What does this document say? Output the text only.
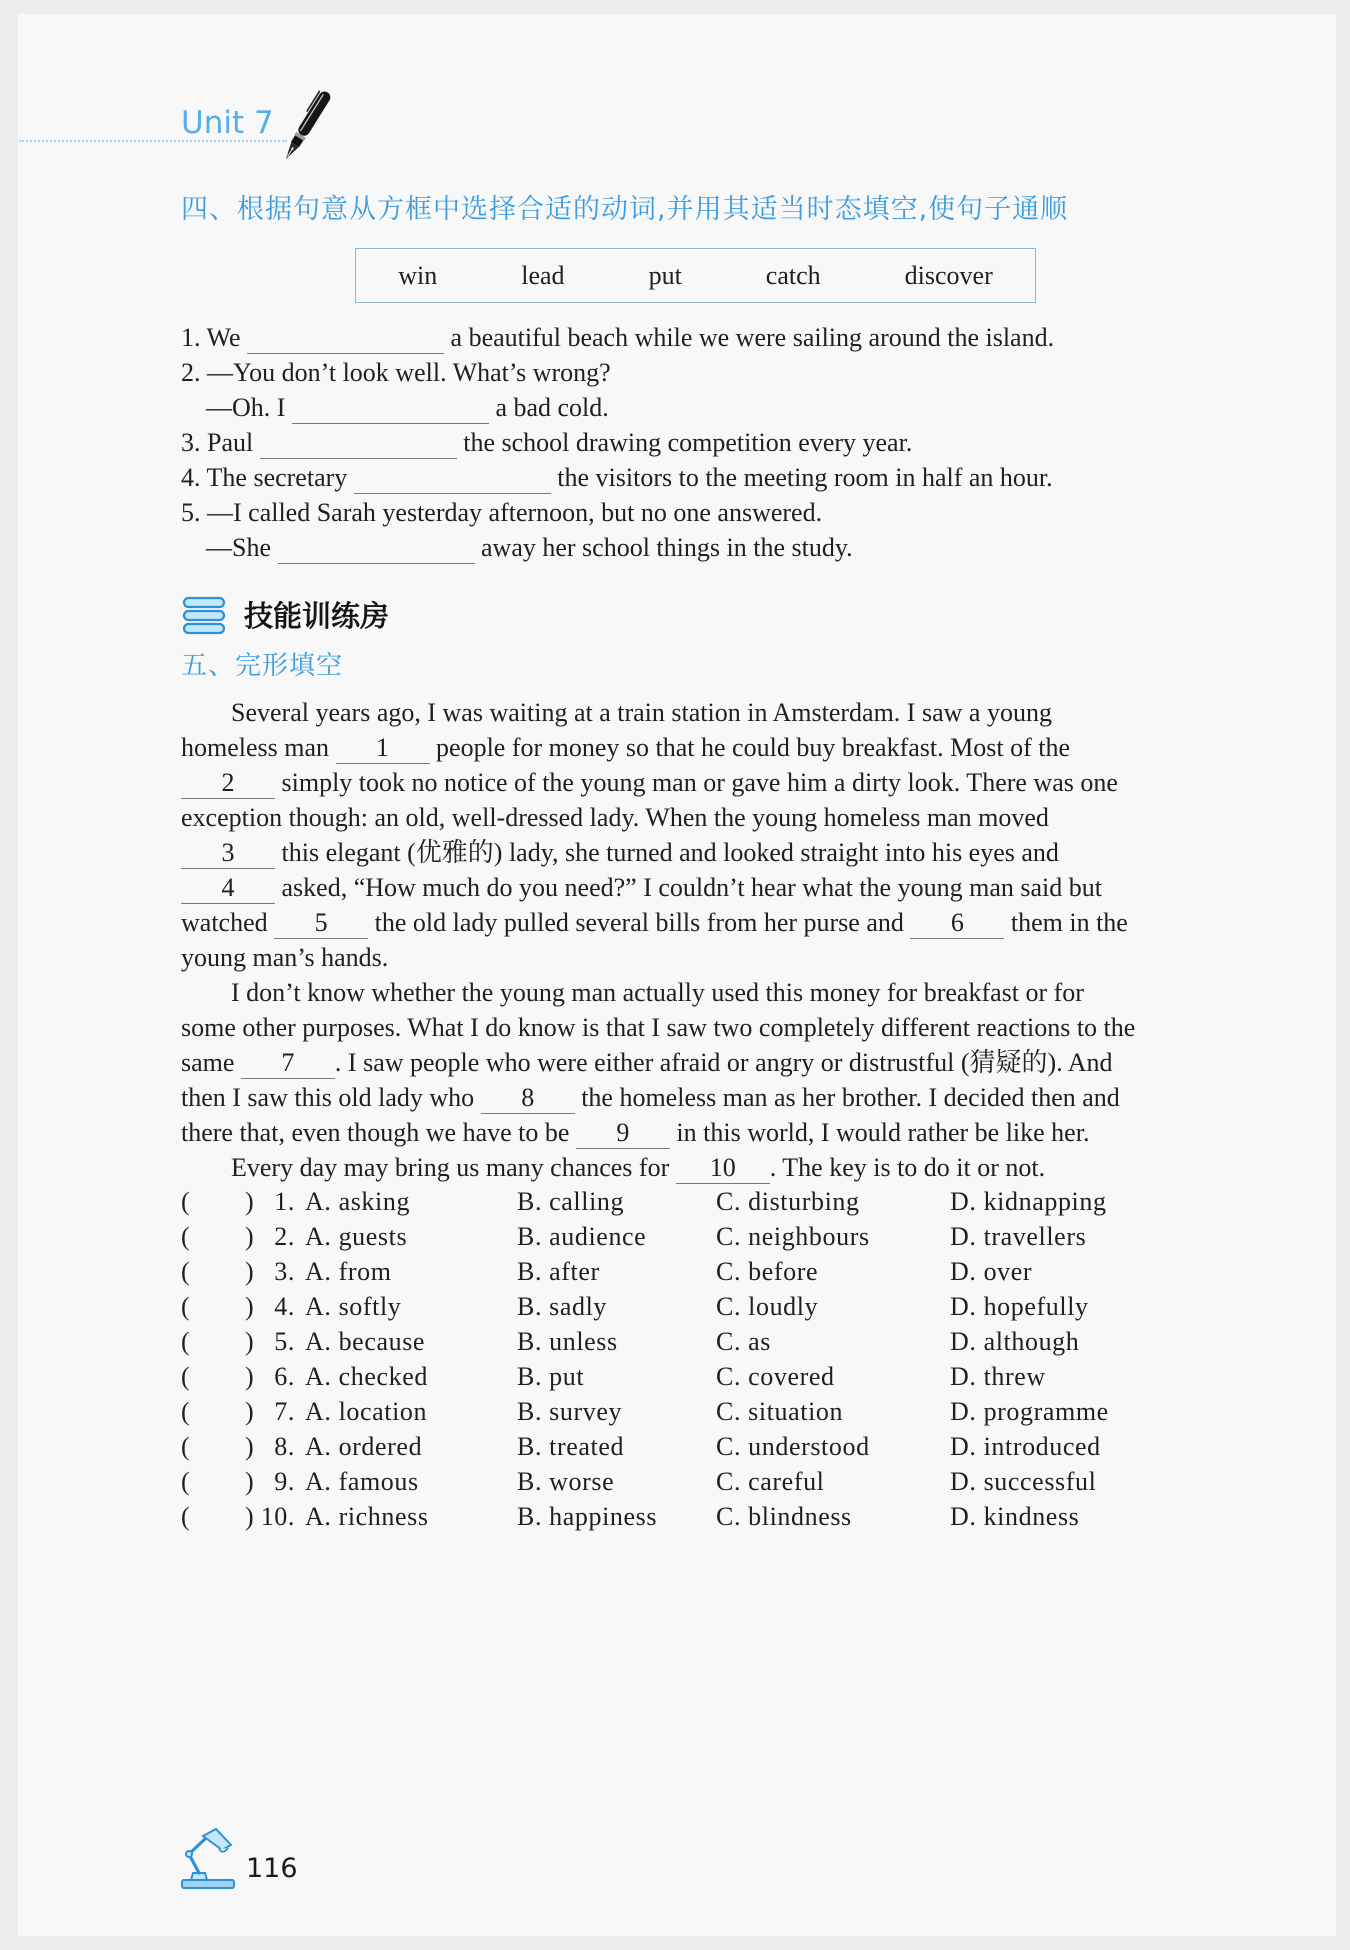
Unit 7
四、根据句意从方框中选择合适的动词,并用其适当时态填空,使句子通顺
win	lead	put	catch	discover
1. We ​	a beautiful beach while we were sailing around the island.
2. —You don’t look well. What’s wrong?
—Oh. I ​	a bad cold.
3. Paul ​	the school drawing competition every year.
4. The secretary ​	the visitors to the meeting room in half an hour.
5. —I called Sarah yesterday afternoon, but no one answered.
—She ​	away her school things in the study.
技能训练房
五、完形填空
Several years ago, I was waiting at a train station in Amsterdam. I saw a young
homeless man ​ 1 people for money so that he could buy breakfast. Most of the
​ 2 simply took no notice of the young man or gave him a dirty look. There was one
exception though: an old, well-dressed lady. When the young homeless man moved
​ 3 this elegant (优雅的) lady, she turned and looked straight into his eyes and
​ 4 asked, “How much do you need?” I couldn’t hear what the young man said but
watched ​ 5 the old lady pulled several bills from her purse and ​ 6 them in the
young man’s hands.
I don’t know whether the young man actually used this money for breakfast or for
some other purposes. What I do know is that I saw two completely different reactions to the
same ​ 7 . I saw people who were either afraid or angry or distrustful (猜疑的). And
then I saw this old lady who ​ 8 the homeless man as her brother. I decided then and
there that, even though we have to be ​ 9 in this world, I would rather be like her.
Every day may bring us many chances for ​ 10 . The key is to do it or not.
( ) 1. A. asking	B. calling	C. disturbing	D. kidnapping
( ) 2. A. guests	B. audience	C. neighbours	D. travellers
( ) 3. A. from	B. after	C. before	D. over
( ) 4. A. softly	B. sadly	C. loudly	D. hopefully
( ) 5. A. because	B. unless	C. as	D. although
( ) 6. A. checked	B. put	C. covered	D. threw
( ) 7. A. location	B. survey	C. situation	D. programme
( ) 8. A. ordered	B. treated	C. understood	D. introduced
( ) 9. A. famous	B. worse	C. careful	D. successful
( ) 10. A. richness	B. happiness C. blindness	D. kindness
116
